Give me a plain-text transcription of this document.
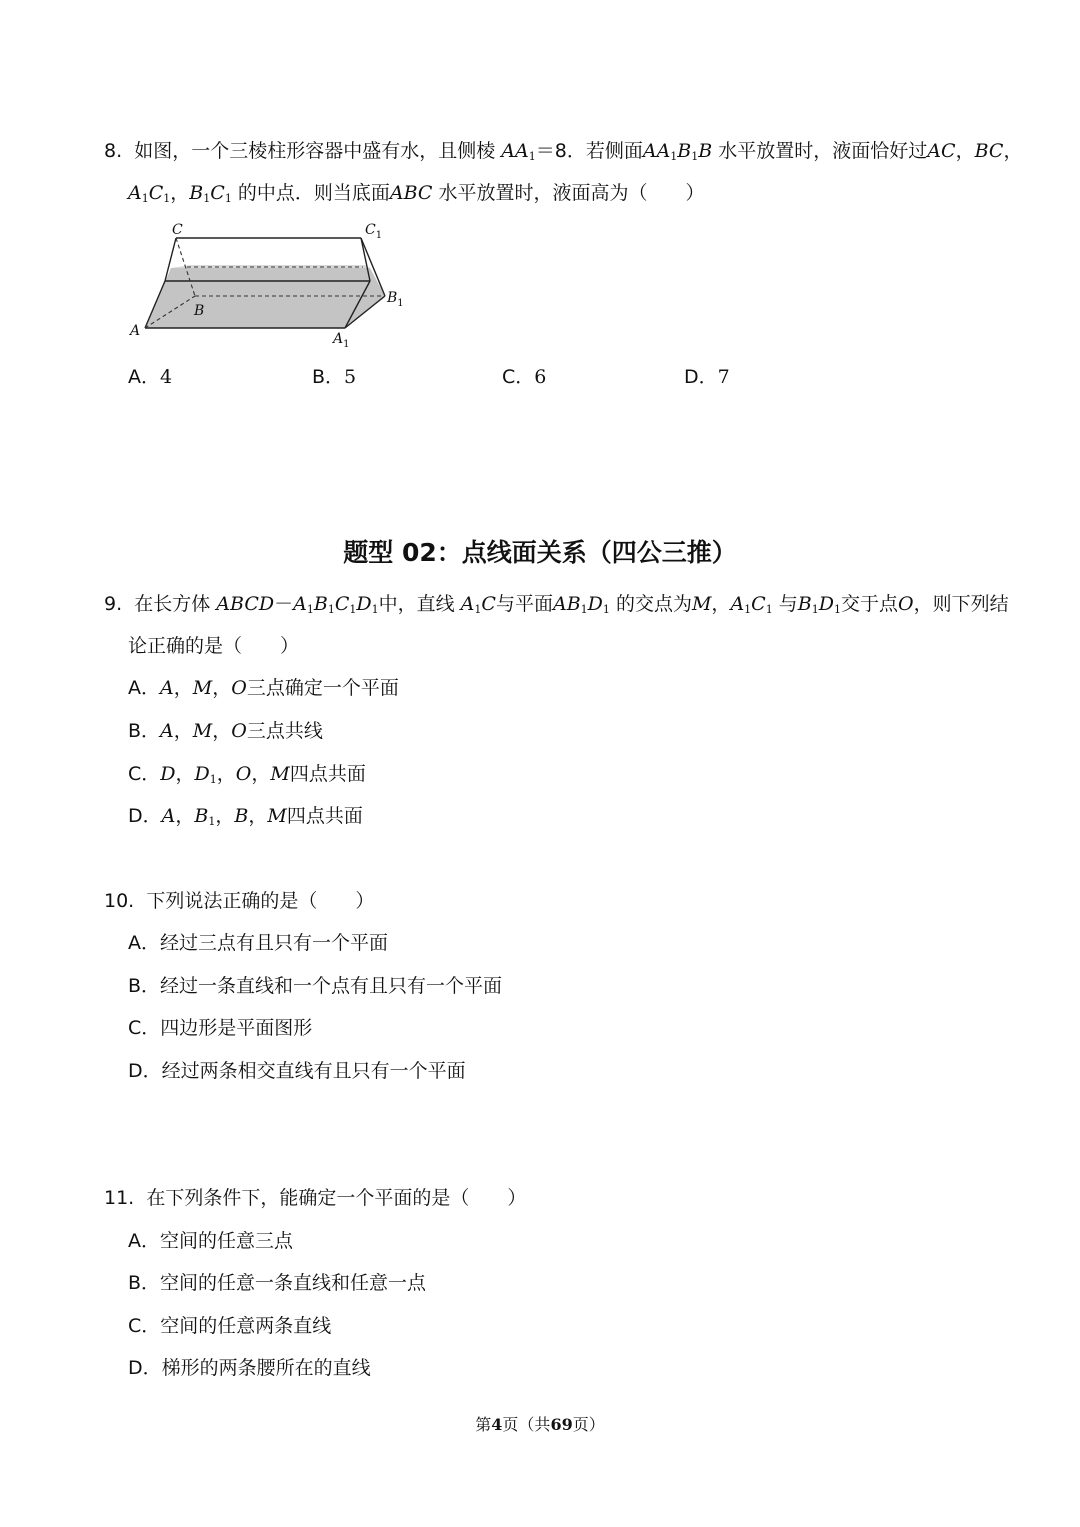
8. 如图，一个三棱柱形容器中盛有水，且侧棱 $AA_1=8$．若侧面$AA_1B_1B$ 水平放置时，液面恰好过AC，BC，
$A_1C_1$，$B_1C_1$ 的中点．则当底面ABC 水平放置时，液面高为（　　）
C	$C_1$
B
$B_1$
A	$A_1$
A．4	B．5	C．6	D．7
题型 02：点线面关系（四公三推）
9. 在长方体 $ABCD-A_1B_1C_1D_1$中，直线 $A_1C$与平面$AB_1D_1$ 的交点为M，$A_1C_1$ 与$B_1D_1$交于点O，则下列结
论正确的是（　　）
A．A，M，O三点确定一个平面
B．A，M，O三点共线
C．D，$D_1$，O，M四点共面
D．A，$B_1$，B，M四点共面
10. 下列说法正确的是（　　）
A．经过三点有且只有一个平面
B．经过一条直线和一个点有且只有一个平面
C．四边形是平面图形
D．经过两条相交直线有且只有一个平面
11. 在下列条件下，能确定一个平面的是（　　）
A．空间的任意三点
B．空间的任意一条直线和任意一点
C．空间的任意两条直线
D．梯形的两条腰所在的直线
第4页（共69页）
